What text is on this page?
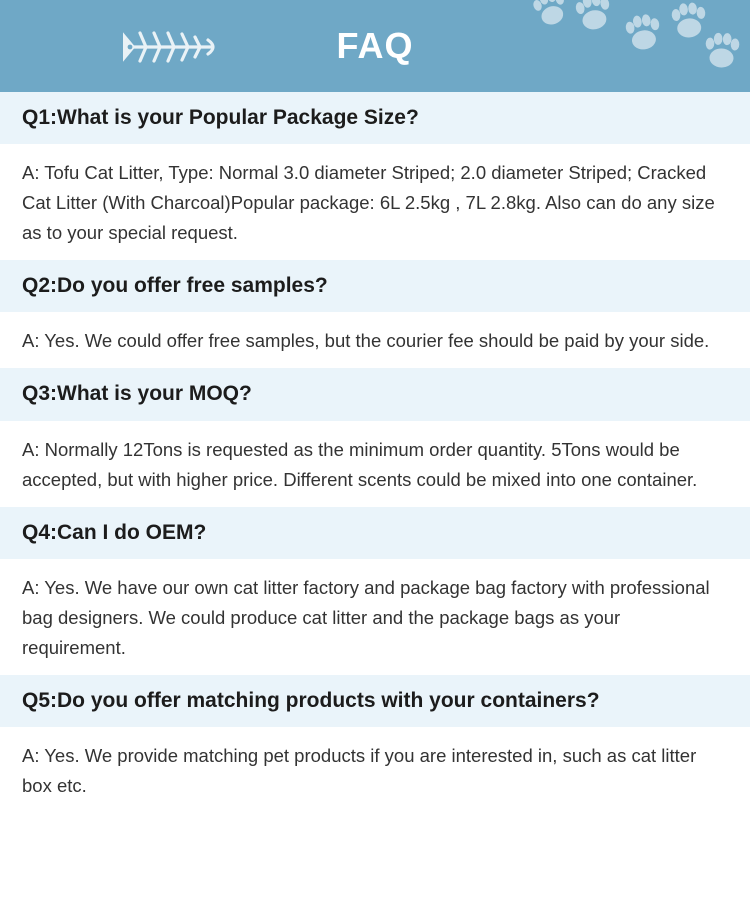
FAQ
Q1:What is your Popular Package Size?
A: Tofu Cat Litter, Type: Normal 3.0 diameter Striped; 2.0 diameter Striped; Cracked Cat Litter (With Charcoal)Popular package: 6L 2.5kg , 7L 2.8kg. Also can do any size as to your special request.
Q2:Do you offer free samples?
A: Yes. We could offer free samples, but the courier fee should be paid by your side.
Q3:What is your MOQ?
A: Normally 12Tons is requested as the minimum order quantity. 5Tons would be accepted, but with higher price. Different scents could be mixed into one container.
Q4:Can I do OEM?
A: Yes. We have our own cat litter factory and package bag factory with professional bag designers. We could produce cat litter and the package bags as your requirement.
Q5:Do you offer matching products with your containers?
A: Yes. We provide matching pet products if you are interested in, such as cat litter box etc.
